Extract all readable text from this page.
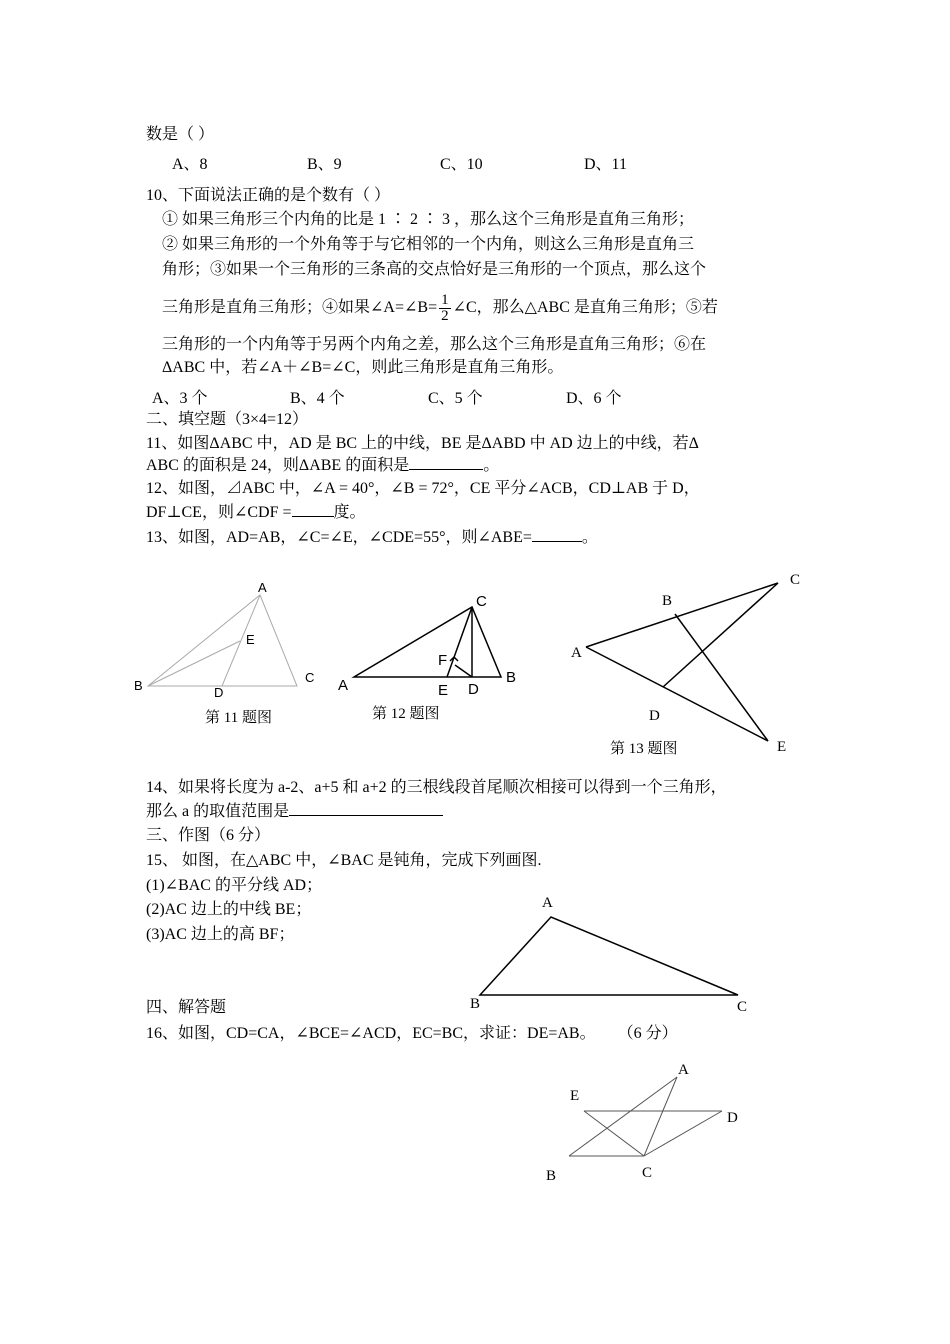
数是（ ）
A、8	B、9	C、10	D、11
10、下面说法正确的是个数有（ ）
① 如果三角形三个内角的比是 1 ∶ 2 ∶ 3 ，那么这个三角形是直角三角形；
② 如果三角形的一个外角等于与它相邻的一个内角，则这么三角形是直角三
角形；③如果一个三角形的三条高的交点恰好是三角形的一个顶点，那么这个
三角形是直角三角形；④如果∠A=∠B= $\frac{1}{2}$ ∠C，那么△ABC 是直角三角形；⑤若
三角形的一个内角等于另两个内角之差，那么这个三角形是直角三角形；⑥在
ΔABC 中，若∠A＋∠B=∠C，则此三角形是直角三角形。
A、3 个	B、4 个	C、5 个	D、6 个
二、填空题（3×4=12）
11、如图ΔABC 中，AD 是 BC 上的中线，BE 是ΔABD 中 AD 边上的中线，若Δ
ABC 的面积是 24，则ΔABE 的面积是	。
12、如图，⊿ABC 中，∠A = 40°，∠B = 72°，CE 平分∠ACB，CD⊥AB 于 D，
DF⊥CE，则∠CDF =	度。
13、如图，AD=AB，∠C=∠E，∠CDE=55°，则∠ABE=	。
A
E
B	D
C
第 11 题图
C
F
A	E D
B
第 12 题图
C
B
A
D
E
第 13 题图
14、如果将长度为 a-2、a+5 和 a+2 的三根线段首尾顺次相接可以得到一个三角形，
那么 a 的取值范围是
三、作图（6 分）
15、 如图，在△ABC 中，∠BAC 是钝角，完成下列画图.
(1)∠BAC 的平分线 AD；
(2)AC 边上的中线 BE；
(3)AC 边上的高 BF；
A
B	C
四、解答题
16、如图，CD=CA，∠BCE=∠ACD，EC=BC，求证：DE=AB。 （6 分）
A
E
D
B	C
